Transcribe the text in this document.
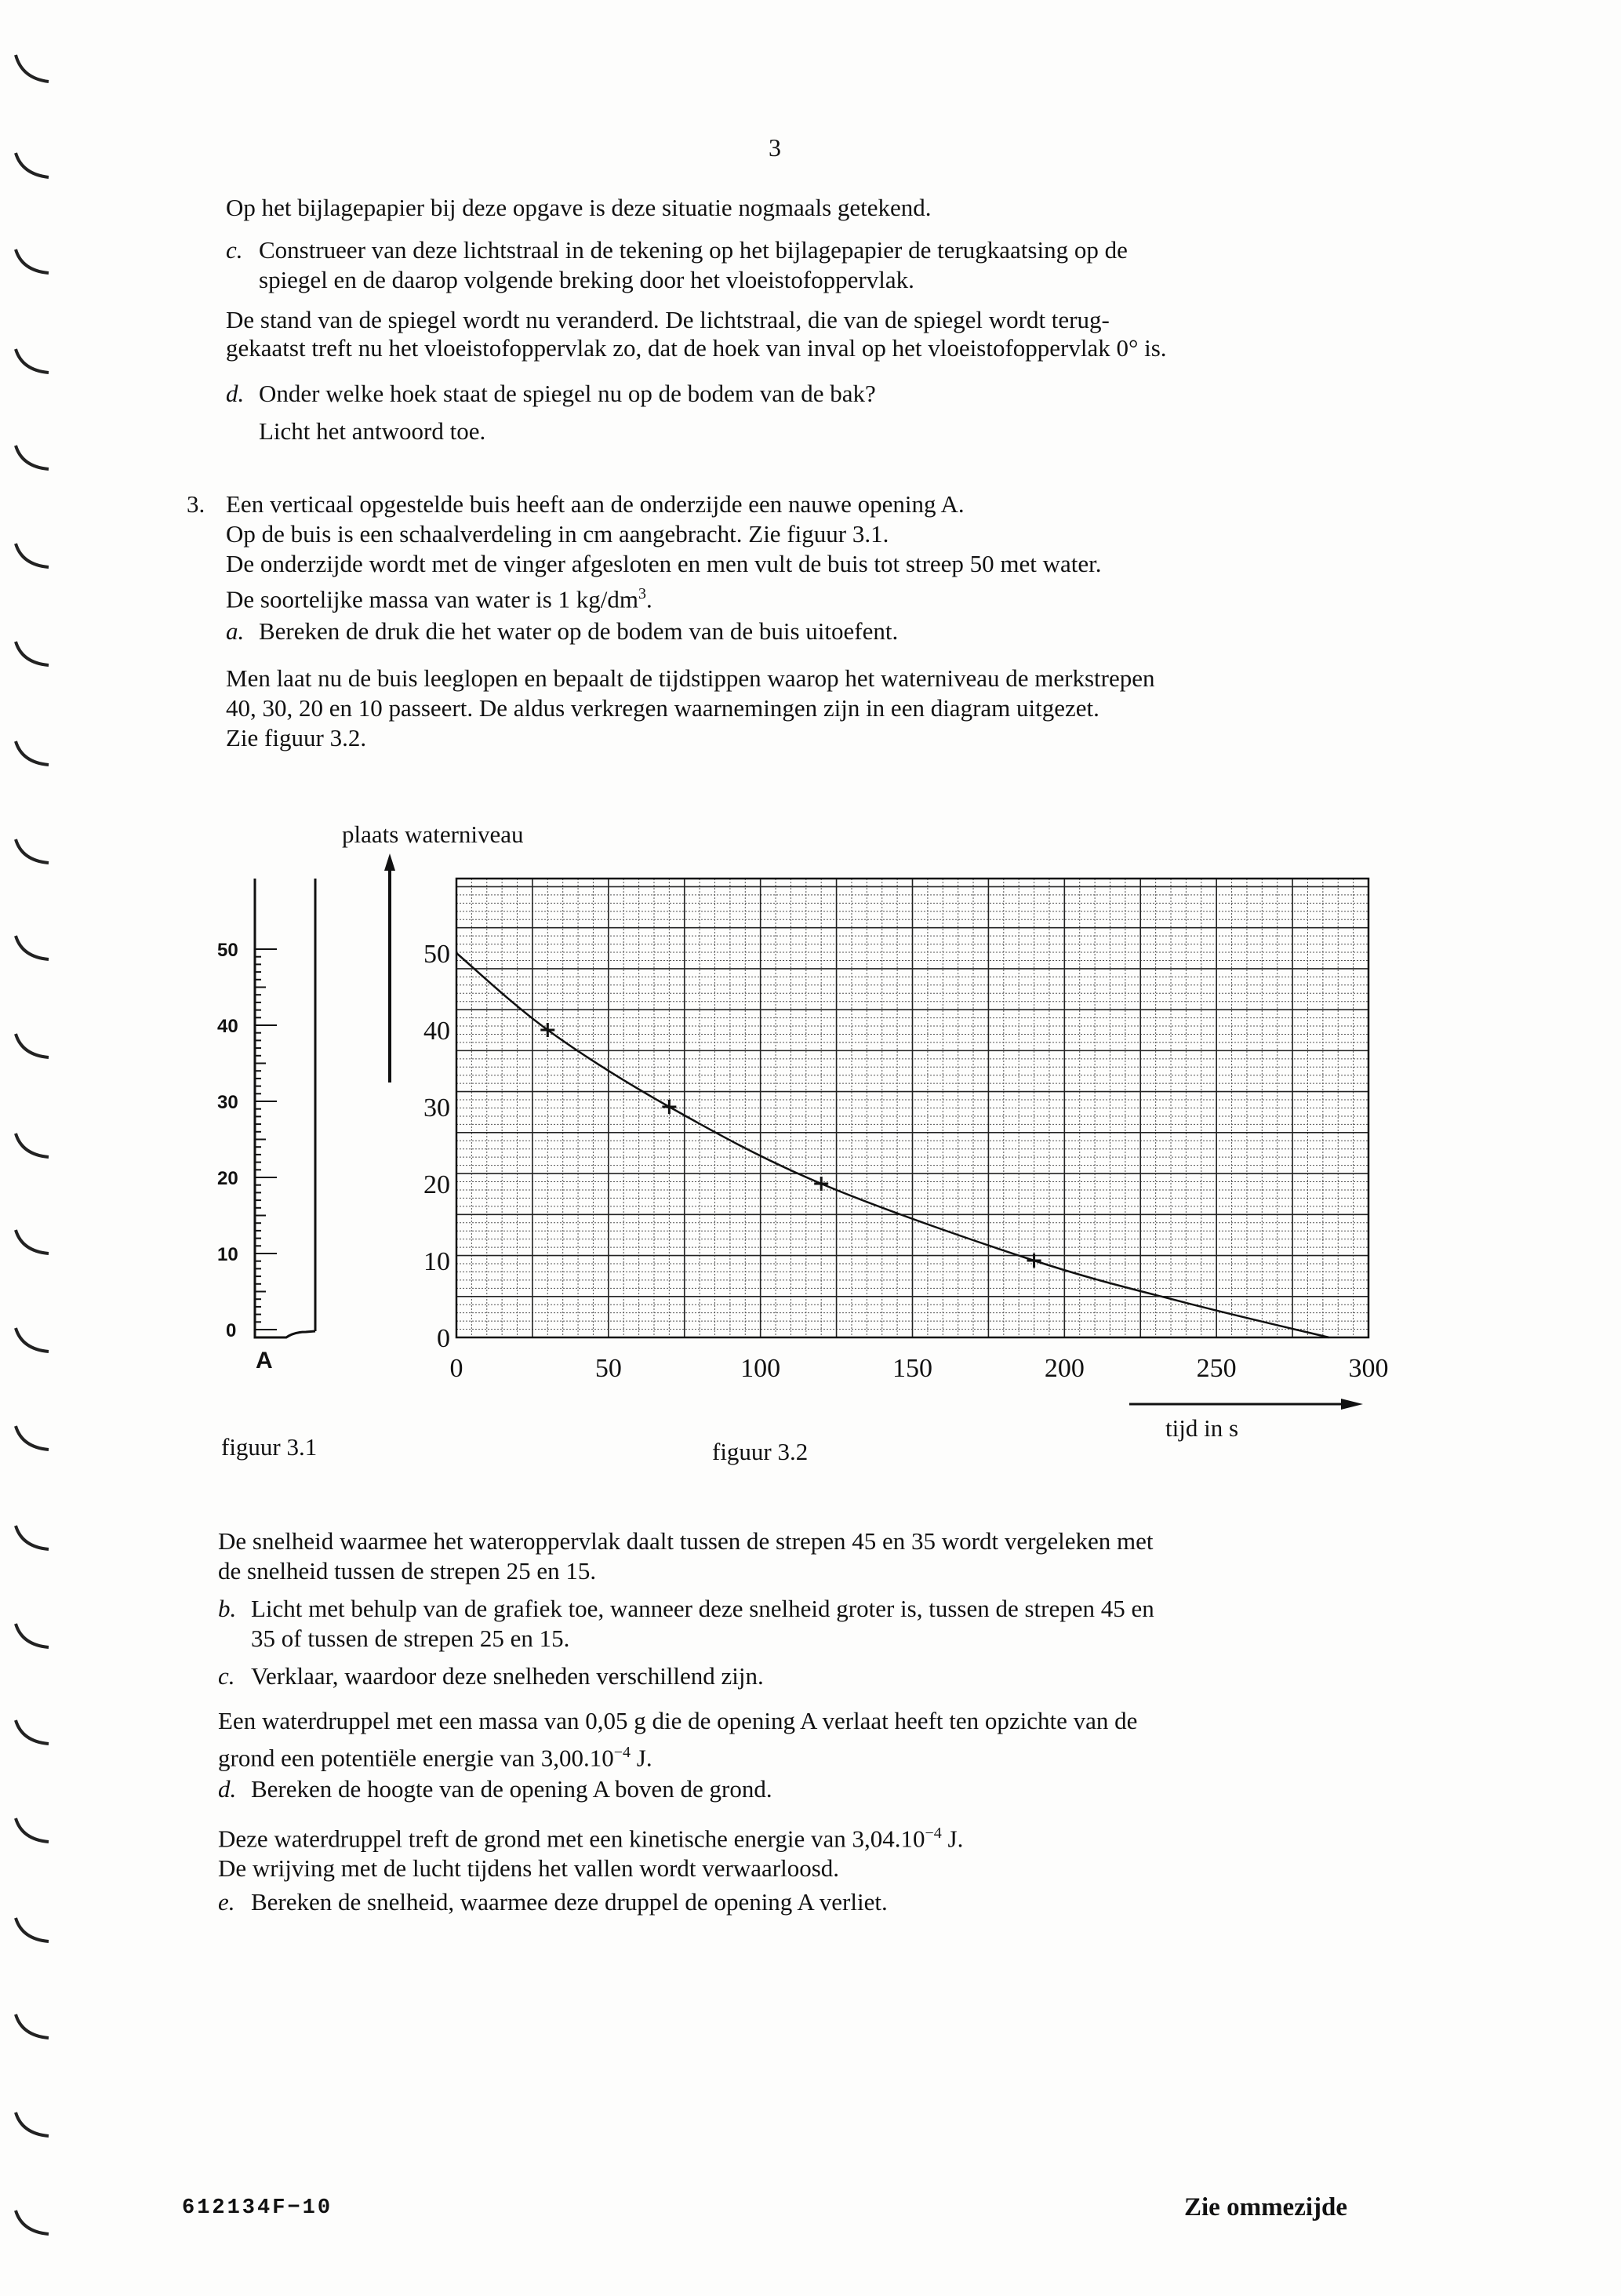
3
Op het bijlagepapier bij deze opgave is deze situatie nogmaals getekend.
c. Construeer van deze lichtstraal in de tekening op het bijlagepapier de terugkaatsing op de
spiegel en de daarop volgende breking door het vloeistofoppervlak.
De stand van de spiegel wordt nu veranderd. De lichtstraal, die van de spiegel wordt terug-
gekaatst treft nu het vloeistofoppervlak zo, dat de hoek van inval op het vloeistofoppervlak 0° is.
d. Onder welke hoek staat de spiegel nu op de bodem van de bak?
Licht het antwoord toe.
3. Een verticaal opgestelde buis heeft aan de onderzijde een nauwe opening A.
Op de buis is een schaalverdeling in cm aangebracht. Zie figuur 3.1.
De onderzijde wordt met de vinger afgesloten en men vult de buis tot streep 50 met water.
De soortelijke massa van water is 1 $kg/dm^3$.
a. Bereken de druk die het water op de bodem van de buis uitoefent.
Men laat nu de buis leeglopen en bepaalt de tijdstippen waarop het waterniveau de merkstrepen
40, 30, 20 en 10 passeert. De aldus verkregen waarnemingen zijn in een diagram uitgezet.
Zie figuur 3.2.
50
40
30
20
10
0
A
figuur 3.1
plaats waterniveau
0
10
20
30
40
50
0	50	100	150	200	250	300
tijd in s
figuur 3.2
De snelheid waarmee het wateroppervlak daalt tussen de strepen 45 en 35 wordt vergeleken met
de snelheid tussen de strepen 25 en 15.
b. Licht met behulp van de grafiek toe, wanneer deze snelheid groter is, tussen de strepen 45 en
35 of tussen de strepen 25 en 15.
c. Verklaar, waardoor deze snelheden verschillend zijn.
Een waterdruppel met een massa van 0,05 g die de opening A verlaat heeft ten opzichte van de
grond een potentiële energie van $3,00.10^{-4}$ J.
d. Bereken de hoogte van de opening A boven de grond.
Deze waterdruppel treft de grond met een kinetische energie van $3,04.10^{-4}$ J.
De wrijving met de lucht tijdens het vallen wordt verwaarloosd.
e. Bereken de snelheid, waarmee deze druppel de opening A verliet.
612134F−10	Zie ommezijde
